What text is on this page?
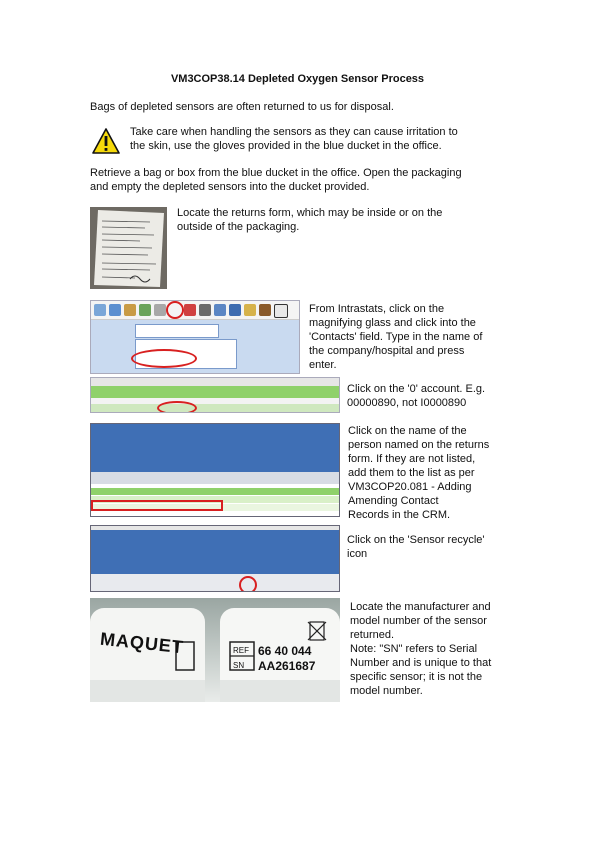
VM3COP38.14 Depleted Oxygen Sensor Process
Bags of depleted sensors are often returned to us for disposal.
Take care when handling the sensors as they can cause irritation to
the skin, use the gloves provided in the blue ducket in the office.
Retrieve a bag or box from the blue ducket in the office. Open the packaging
and empty the depleted sensors into the ducket provided.
Locate the returns form, which may be inside or on the
outside of the packaging.
From Intrastats, click on the
magnifying glass and click into the
'Contacts' field. Type in the name of
the company/hospital and press
enter.
Click on the '0' account. E.g.
00000890, not I0000890
Click on the name of the
person named on the returns
form. If they are not listed,
add them to the list as per
VM3COP20.081 - Adding
Amending Contact
Records in the CRM.
Click on the 'Sensor recycle'
icon
MAQUET	REF
SN
66 40 044
AA261687
Locate the manufacturer and
model number of the sensor
returned.
Note: "SN" refers to Serial
Number and is unique to that
specific sensor; it is not the
model number.
